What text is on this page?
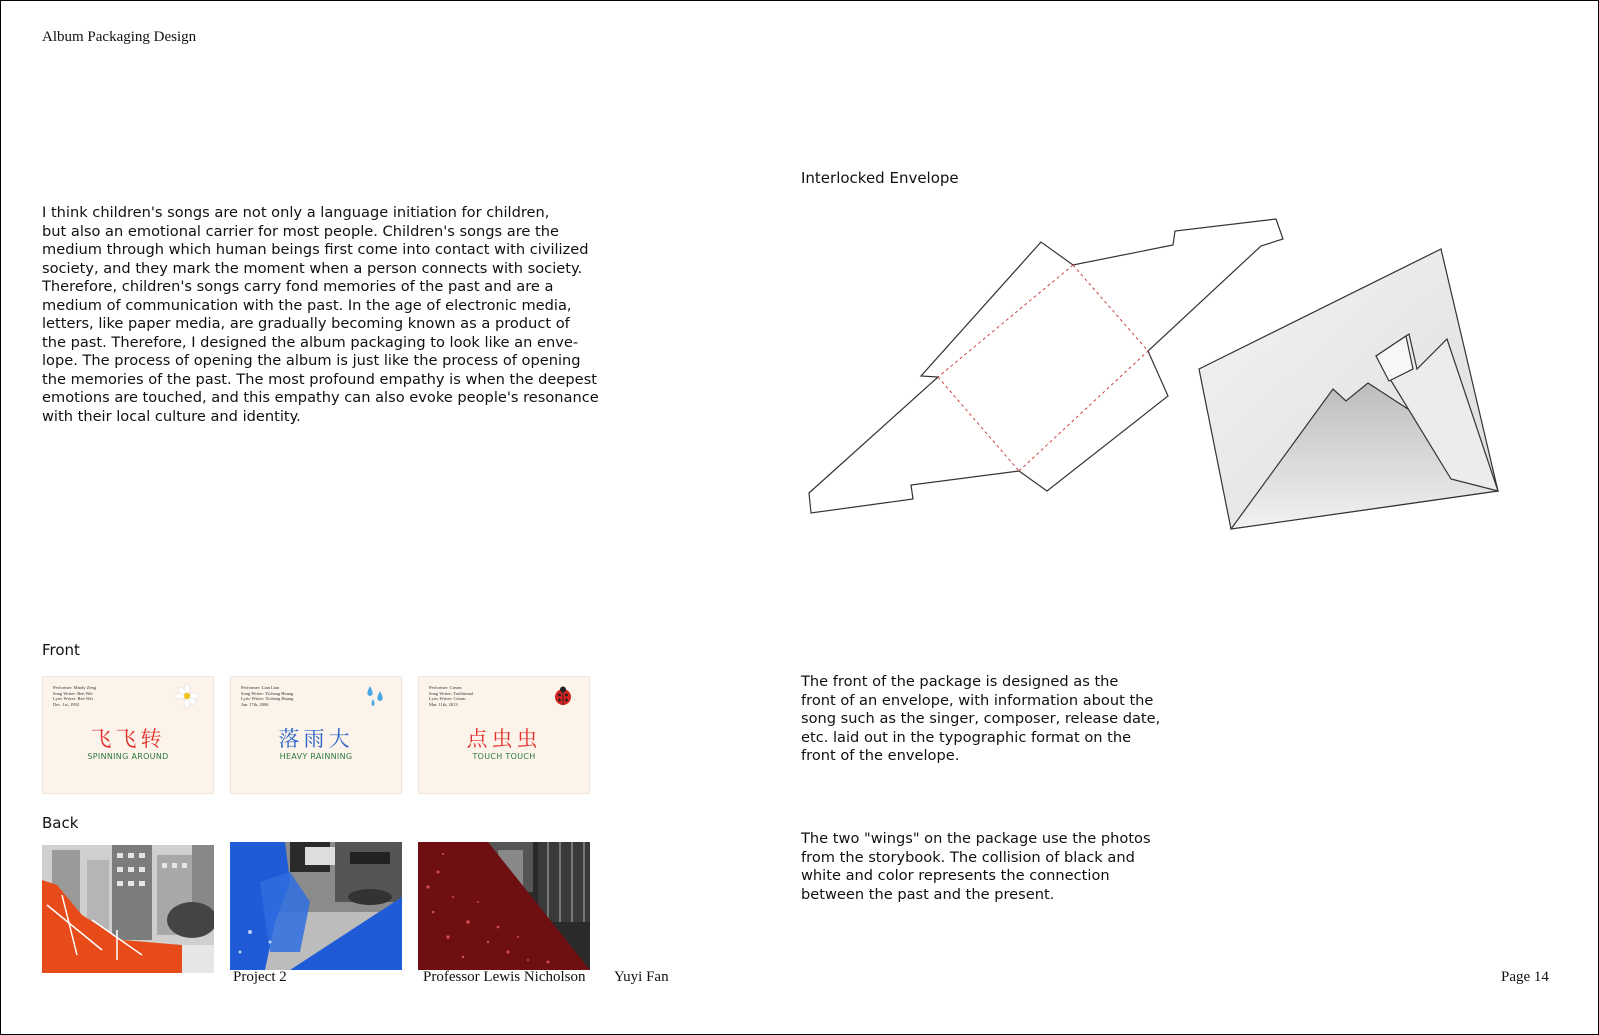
Album Packaging Design

I think children's songs are not only a language initiation for children,
but also an emotional carrier for most people. Children's songs are the
medium through which human beings first come into contact with civilized
society, and they mark the moment when a person connects with society.
Therefore, children's songs carry fond memories of the past and are a
medium of communication with the past. In the age of electronic media,
letters, like paper media, are gradually becoming known as a product of
the past. Therefore, I designed the album packaging to look like an enve-
lope. The process of opening the album is just like the process of opening
the memories of the past. The most profound empathy is when the deepest
emotions are touched, and this empathy can also evoke people's resonance
with their local culture and identity.

Interlocked Envelope
Front
Performer: Mindy Zeng
Song Writer: Ren Wei
Lyric Writer: Ren Wei
Dec. 1st, 1992
飞飞转
SPINNING AROUND
Performer: Lian Lian
Song Writer: Yicheng Huang
Lyric Writer: Yicheng Huang
Jan. 17th, 2006
落雨大
HEAVY RAINNING
Performer: Cream
Song Writer: Traditional
Lyric Writer: Cream
Mar. 11th, 2013
点虫虫
TOUCH TOUCH
Back

The front of the package is designed as the
front of an envelope, with information about the
song such as the singer, composer, release date,
etc. laid out in the typographic format on the
front of the envelope.

The two "wings" on the package use the photos
from the storybook. The collision of black and
white and color represents the connection
between the past and the present.

Project 2	Professor Lewis Nicholson Yuyi Fan	Page 14
